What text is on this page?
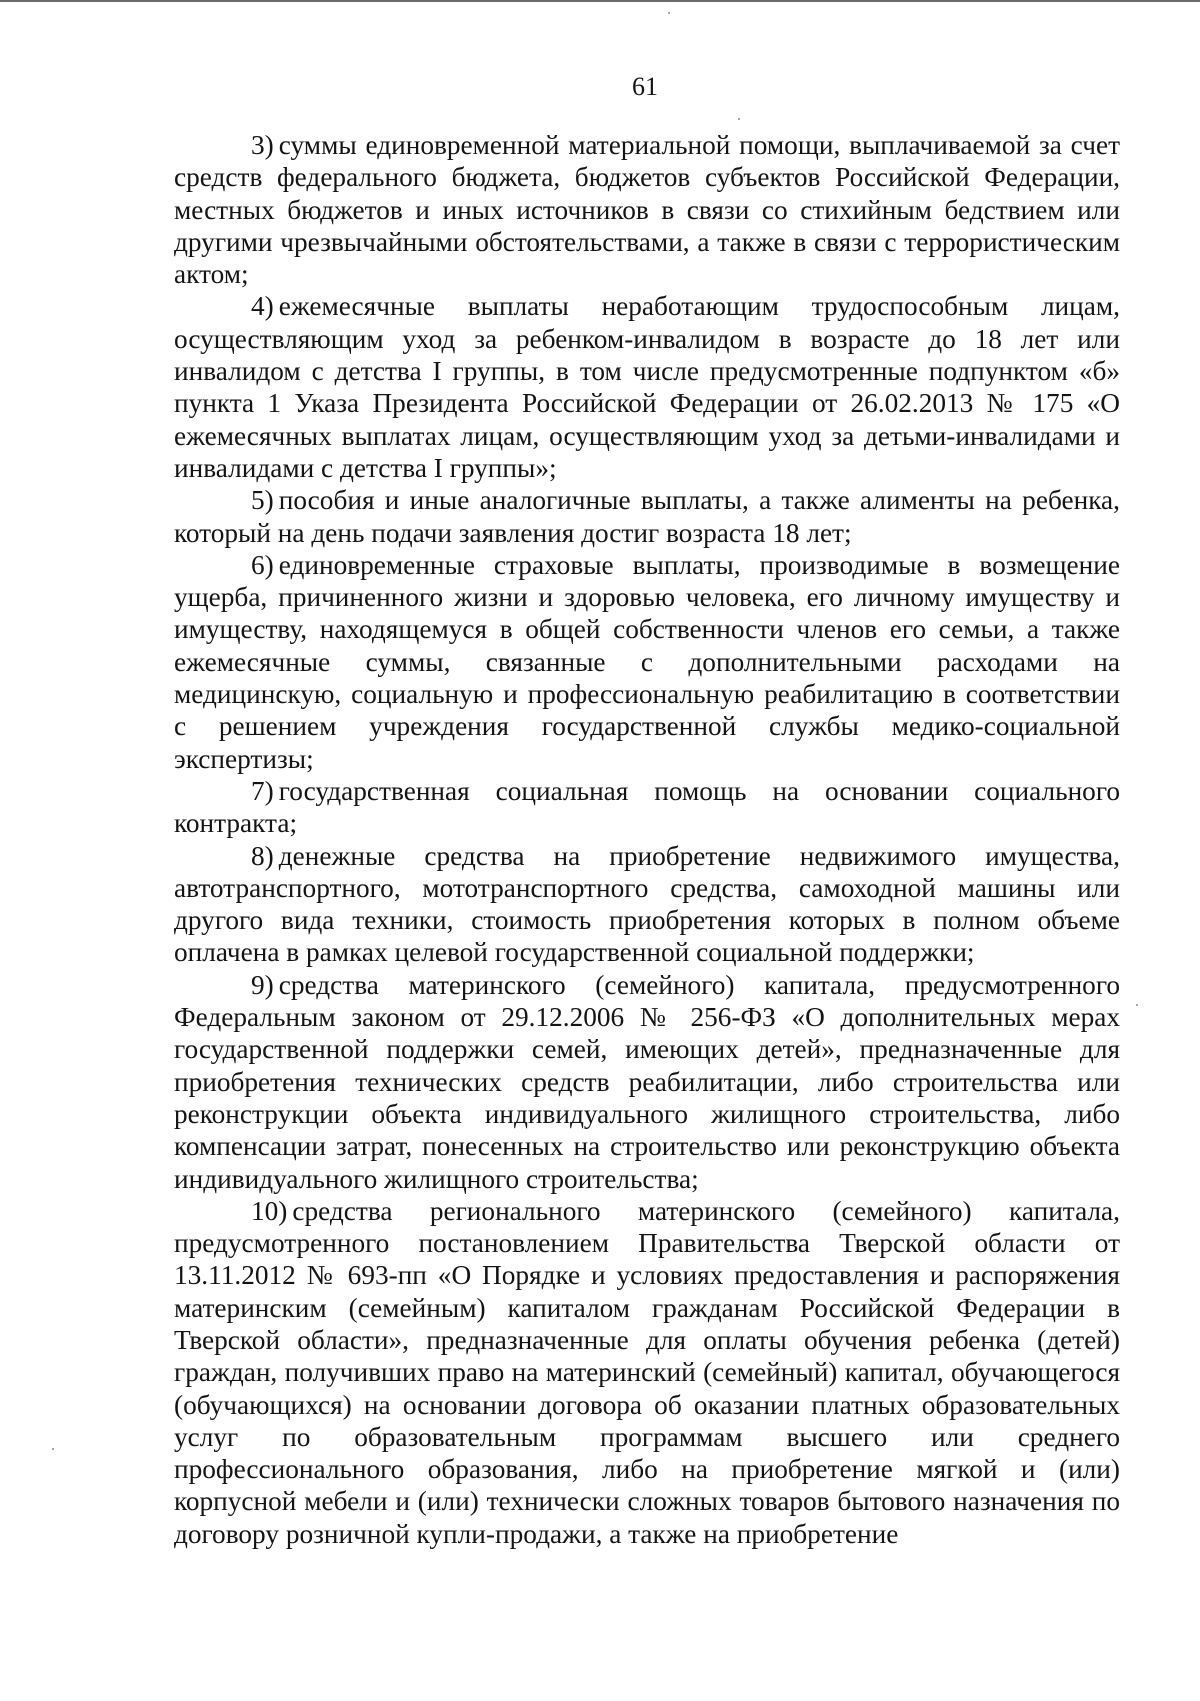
61

3) суммы единовременной материальной помощи, выплачиваемой за счет средств федерального бюджета, бюджетов субъектов Российской Федерации, местных бюджетов и иных источников в связи со стихийным бедствием или другими чрезвычайными обстоятельствами, а также в связи с террористическим актом;

4) ежемесячные выплаты неработающим трудоспособным лицам, осуществляющим уход за ребенком-инвалидом в возрасте до 18 лет или инвалидом с детства I группы, в том числе предусмотренные подпунктом «б» пункта 1 Указа Президента Российской Федерации от 26.02.2013 № 175 «О ежемесячных выплатах лицам, осуществляющим уход за детьми-инвалидами и инвалидами с детства I группы»;

5) пособия и иные аналогичные выплаты, а также алименты на ребенка, который на день подачи заявления достиг возраста 18 лет;

6) единовременные страховые выплаты, производимые в возмещение ущерба, причиненного жизни и здоровью человека, его личному имуществу и имуществу, находящемуся в общей собственности членов его семьи, а также ежемесячные суммы, связанные с дополнительными расходами на медицинскую, социальную и профессиональную реабилитацию в соответствии с решением учреждения государственной службы медико-социальной экспертизы;

7) государственная социальная помощь на основании социального контракта;

8) денежные средства на приобретение недвижимого имущества, автотранспортного, мототранспортного средства, самоходной машины или другого вида техники, стоимость приобретения которых в полном объеме оплачена в рамках целевой государственной социальной поддержки;

9) средства материнского (семейного) капитала, предусмотренного Федеральным законом от 29.12.2006 № 256-ФЗ «О дополнительных мерах государственной поддержки семей, имеющих детей», предназначенные для приобретения технических средств реабилитации, либо строительства или реконструкции объекта индивидуального жилищного строительства, либо компенсации затрат, понесенных на строительство или реконструкцию объекта индивидуального жилищного строительства;

10) средства регионального материнского (семейного) капитала, предусмотренного постановлением Правительства Тверской области от 13.11.2012 № 693-пп «О Порядке и условиях предоставления и распоряжения материнским (семейным) капиталом гражданам Российской Федерации в Тверской области», предназначенные для оплаты обучения ребенка (детей) граждан, получивших право на материнский (семейный) капитал, обучающегося (обучающихся) на основании договора об оказании платных образовательных услуг по образовательным программам высшего или среднего профессионального образования, либо на приобретение мягкой и (или) корпусной мебели и (или) технически сложных товаров бытового назначения по договору розничной купли-продажи, а также на приобретение
